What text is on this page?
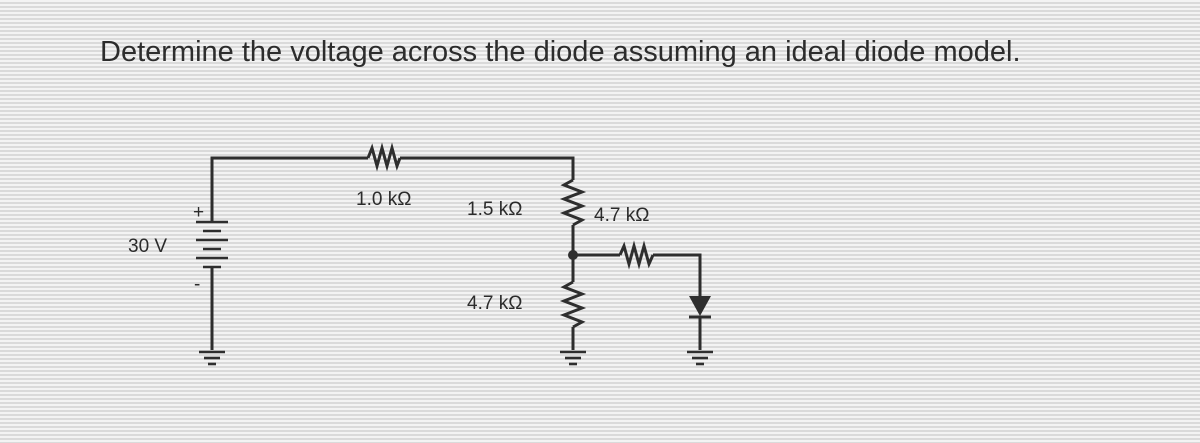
Determine the voltage across the diode assuming an ideal diode model.
30 V
+
-
1.0 kΩ	1.5 kΩ	4.7 kΩ
4.7 kΩ
